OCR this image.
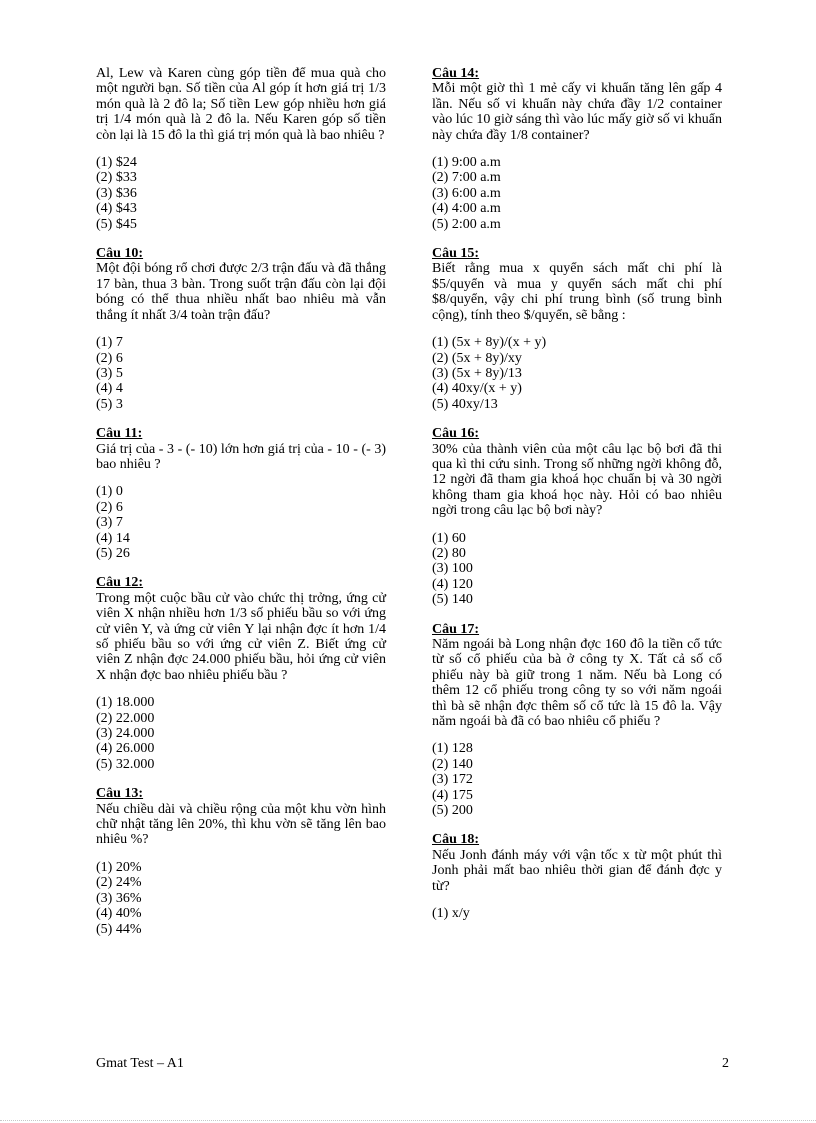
Al, Lew và Karen cùng góp tiền để mua quà cho một người bạn. Số tiền của Al góp ít hơn giá trị 1/3 món quà là 2 đô la; Số tiền Lew góp nhiều hơn giá trị 1/4 món quà là 2 đô la. Nếu Karen góp số tiền còn lại là 15 đô la thì giá trị món quà là bao nhiêu ?
(1) $24
(2) $33
(3) $36
(4) $43
(5) $45
Câu 10:
Một đội bóng rổ chơi được 2/3 trận đấu và đã thắng 17 bàn, thua 3 bàn. Trong suốt trận đấu còn lại đội bóng có thể thua nhiều nhất bao nhiêu mà vẫn thắng ít nhất 3/4 toàn trận đấu?
(1) 7
(2) 6
(3) 5
(4) 4
(5) 3
Câu 11:
Giá trị của - 3 - (- 10) lớn hơn giá trị của - 10 - (- 3) bao nhiêu ?
(1) 0
(2) 6
(3) 7
(4) 14
(5) 26
Câu 12:
Trong một cuộc bầu cử vào chức thị trởng, ứng cử viên X nhận nhiều hơn 1/3 số phiếu bầu so với ứng cử viên Y, và ứng cử viên Y lại nhận đợc ít hơn 1/4 số phiếu bầu so với ứng cử viên Z. Biết ứng cử viên Z nhận đợc 24.000 phiếu bầu, hỏi ứng cử viên X nhận đợc bao nhiêu phiếu bầu ?
(1) 18.000
(2) 22.000
(3) 24.000
(4) 26.000
(5) 32.000
Câu 13:
Nếu chiều dài và chiều rộng của một khu vờn hình chữ nhật tăng lên 20%, thì khu vờn sẽ tăng lên bao nhiêu %?
(1) 20%
(2) 24%
(3) 36%
(4) 40%
(5) 44%
Câu 14:
Mỗi một giờ thì 1 mẻ cấy vi khuẩn tăng lên gấp 4 lần. Nếu số vi khuẩn này chứa đầy 1/2 container vào lúc 10 giờ sáng thì vào lúc mấy giờ số vi khuẩn này chứa đầy 1/8 container?
(1) 9:00 a.m
(2) 7:00 a.m
(3) 6:00 a.m
(4) 4:00 a.m
(5) 2:00 a.m
Câu 15:
Biết rằng mua x quyển sách mất chi phí là $5/quyển và mua y quyển sách mất chi phí $8/quyển, vậy chi phí trung bình (số trung bình cộng), tính theo $/quyển, sẽ bằng :
(1) (5x + 8y)/(x + y)
(2) (5x + 8y)/xy
(3) (5x + 8y)/13
(4) 40xy/(x + y)
(5) 40xy/13
Câu 16:
30% của thành viên của một câu lạc bộ bơi đã thi qua kì thi cứu sinh. Trong số những ngời không đỗ, 12 ngời đã tham gia khoá học chuẩn bị và 30 ngời không tham gia khoá học này. Hỏi có bao nhiêu ngời trong câu lạc bộ bơi này?
(1) 60
(2) 80
(3) 100
(4) 120
(5) 140
Câu 17:
Năm ngoái bà Long nhận đợc 160 đô la tiền cổ tức từ số cổ phiếu của bà ở công ty X. Tất cả số cổ phiếu này bà giữ trong 1 năm. Nếu bà Long có thêm 12 cổ phiếu trong công ty so với năm ngoái thì bà sẽ nhận đợc thêm số cổ tức là 15 đô la. Vậy năm ngoái bà đã có bao nhiêu cổ phiếu ?
(1) 128
(2) 140
(3) 172
(4) 175
(5) 200
Câu 18:
Nếu Jonh đánh máy với vận tốc x từ một phút thì Jonh phải mất bao nhiêu thời gian để đánh đợc y từ?
(1) x/y
Gmat Test – A1	2
